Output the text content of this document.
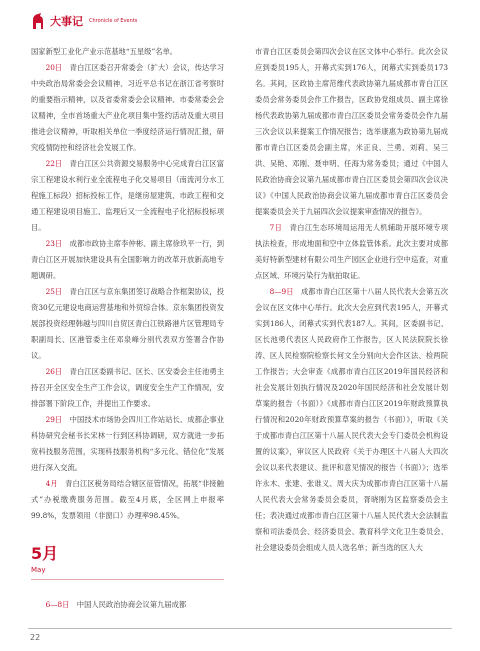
大事记 Chronicle of Events

国家新型工业化产业示范基地“五星级”名单。

20日　 青白江区委召开常委会（扩大）会议，传达学习中央政治局常委会会议精神、习近平总书记在浙江省考察时的重要指示精神，以及省委常委会会议精神、市委常委会会议精神，全市首场重大产业化项目集中签约活动及重大项目推进会议精神，听取相关单位一季度经济运行情况汇报，研究疫情防控和经济社会发展工作。

22日　 青白江区公共资源交易服务中心完成青白江区富宗工程建设水利行业全流程电子化交易项目（南流河分水工程施工标段）招标投标工作，是继房屋建筑、市政工程和交通工程建设项目施工、监理后又一全流程电子化招标投标项目。

23日　 成都市政协主席李仲彬、副主席徐玖平一行，到青白江区开展加快建设具有全国影响力的改革开放新高地专题调研。

25日　 青白江区与京东集团签订战略合作框架协议，投资30亿元建设电商运营基地和外贸综合体。京东集团投资发展部投资经理韩越与四川自贸区青白江铁路港片区管理局专职副局长、区港管委主任邓泉峰分别代表双方签署合作协议。

26日　 青白江区委副书记、区长、区安委会主任池勇主持召开全区安全生产工作会议，调度安全生产工作情况，安排部署下阶段工作，并提出工作要求。

29日　 中国技术市场协会四川工作站站长、成都企事业科协研究会秘书长宋林一行到区科协调研，双方就进一步拓宽科技服务范围，实现科技服务机构“多元化、错位化”发展进行深入交流。

4月　 青白江区税务局结合辖区征管情况，拓展“非接触式”办税缴费服务范围。截至4月底，全区网上申报率99.8%，发票领用（非窗口）办理率98.45%。

5月
May

6—8日　 中国人民政治协商会议第九届成都

市青白江区委员会第四次会议在区文体中心举行。此次会议应到委员195人，开幕式实到176人，闭幕式实到委员173名。其间，区政协主席范维代表政协第九届成都市青白江区委员会常务委员会作工作报告，区政协党组成员、副主席徐杨代表政协第九届成都市青白江区委员会常务委员会作九届三次会议以来提案工作情况报告；选举康惠为政协第九届成都市青白江区委员会副主席，米正良、兰勇、刘莉、吴三洪、吴艳、邓刚、聂申明、任海为常务委员；通过《中国人民政治协商会议第九届成都市青白江区委员会第四次会议决议》《中国人民政治协商会议第九届成都市青白江区委员会提案委员会关于九届四次会议提案审查情况的报告》。

7日　 青白江生态环境局运用无人机辅助开展环境专项执法检查，形成地面和空中立体监管体系。此次主要对成都美好特新型建材有限公司生产园区企业进行空中巡查，对重点区域、环境污染行为航拍取证。

8—9日　 成都市青白江区第十八届人民代表大会第五次会议在区文体中心举行。此次大会应到代表195人，开幕式实到186人，闭幕式实到代表187人。其间，区委副书记、区长池勇代表区人民政府作工作报告，区人民法院院长徐涛、区人民检察院检察长何文全分别向大会作区法、检两院工作报告；大会审查《成都市青白江区2019年国民经济和社会发展计划执行情况及2020年国民经济和社会发展计划草案的报告（书面）》《成都市青白江区2019年财政预算执行情况和2020年财政预算草案的报告（书面）》，听取《关于成都市青白江区第十八届人民代表大会专门委员会机构设置的议案》，审议区人民政府《关于办理区十八届人大四次会议以来代表建议、批评和意见情况的报告（书面）》；选举许永木、张建、张谁义、周大庆为成都市青白江区第十八届人民代表大会常务委员会委员，胥晓刚为区监察委员会主任；表决通过成都市青白江区第十八届人民代表大会法制监察和司法委员会、经济委员会、教育科学文化卫生委员会、社会建设委员会组成人员人选名单；新当选的区人大

22
